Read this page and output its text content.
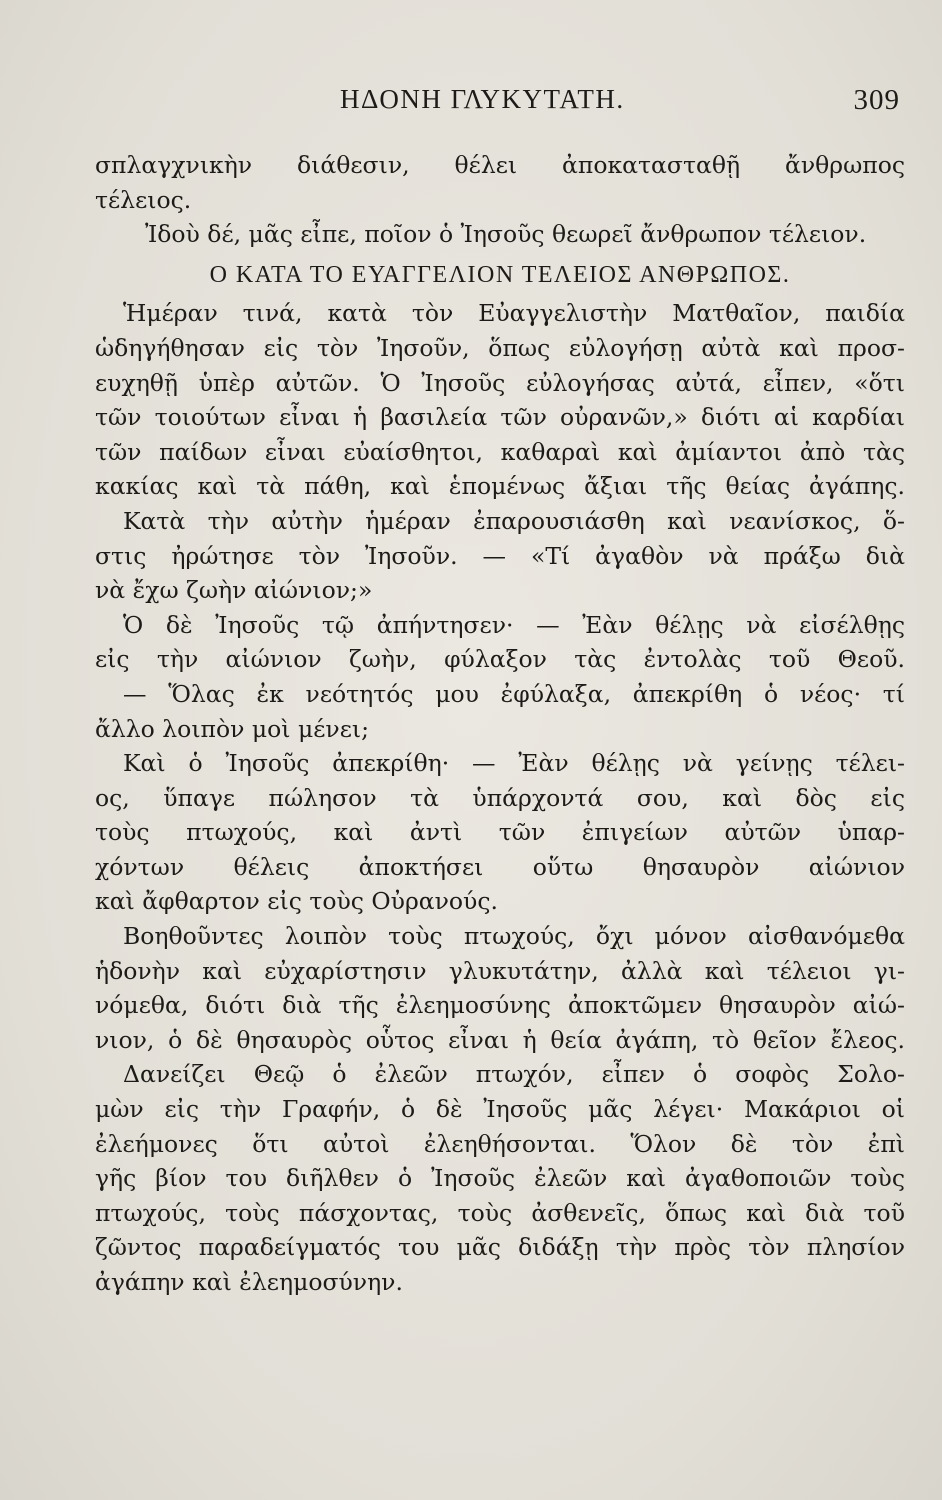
ΗΔΟΝΗ ΓΛΥΚΥΤΑΤΗ.	309
σπλαγχνικὴν διάθεσιν, θέλει ἀποκατασταθῇ ἄνθρωπος
τέλειος.
Ἰδοὺ δέ, μᾶς εἶπε, ποῖον ὁ Ἰησοῦς θεωρεῖ ἄνθρωπον τέλειον.
Ο ΚΑΤΑ ΤΟ ΕΥΑΓΓΕΛΙΟΝ ΤΕΛΕΙΟΣ ΑΝΘΡΩΠΟΣ.
Ἡμέραν τινά, κατὰ τὸν Εὐαγγελιστὴν Ματθαῖον, παιδία
ὡδηγήθησαν εἰς τὸν Ἰησοῦν, ὅπως εὐλογήσῃ αὐτὰ καὶ προσ-
ευχηθῇ ὑπὲρ αὐτῶν. Ὁ Ἰησοῦς εὐλογήσας αὐτά, εἶπεν, «ὅτι
τῶν τοιούτων εἶναι ἡ βασιλεία τῶν οὐρανῶν,» διότι αἱ καρδίαι
τῶν παίδων εἶναι εὐαίσθητοι, καθαραὶ καὶ ἀμίαντοι ἀπὸ τὰς
κακίας καὶ τὰ πάθη, καὶ ἑπομένως ἄξιαι τῆς θείας ἀγάπης.
Κατὰ τὴν αὐτὴν ἡμέραν ἐπαρουσιάσθη καὶ νεανίσκος, ὅ-
στις ἠρώτησε τὸν Ἰησοῦν. — «Τί ἀγαθὸν νὰ πράξω διὰ
νὰ ἔχω ζωὴν αἰώνιον;»
Ὁ δὲ Ἰησοῦς τῷ ἀπήντησεν· — Ἐὰν θέλῃς νὰ εἰσέλθῃς
εἰς τὴν αἰώνιον ζωὴν, φύλαξον τὰς ἐντολὰς τοῦ Θεοῦ.
— Ὅλας ἐκ νεότητός μου ἐφύλαξα, ἀπεκρίθη ὁ νέος· τί
ἄλλο λοιπὸν μοὶ μένει;
Καὶ ὁ Ἰησοῦς ἀπεκρίθη· — Ἐὰν θέλῃς νὰ γείνῃς τέλει-
ος, ὕπαγε πώλησον τὰ ὑπάρχοντά σου, καὶ δὸς εἰς
τοὺς πτωχούς, καὶ ἀντὶ τῶν ἐπιγείων αὐτῶν ὑπαρ-
χόντων θέλεις ἀποκτήσει οὕτω θησαυρὸν αἰώνιον
καὶ ἄφθαρτον εἰς τοὺς Οὐρανούς.
Βοηθοῦντες λοιπὸν τοὺς πτωχούς, ὄχι μόνον αἰσθανόμεθα
ἡδονὴν καὶ εὐχαρίστησιν γλυκυτάτην, ἀλλὰ καὶ τέλειοι γι-
νόμεθα, διότι διὰ τῆς ἐλεημοσύνης ἀποκτῶμεν θησαυρὸν αἰώ-
νιον, ὁ δὲ θησαυρὸς οὗτος εἶναι ἡ θεία ἀγάπη, τὸ θεῖον ἔλεος.
Δανείζει Θεῷ ὁ ἐλεῶν πτωχόν, εἶπεν ὁ σοφὸς Σολο-
μὼν εἰς τὴν Γραφήν, ὁ δὲ Ἰησοῦς μᾶς λέγει· Μακάριοι οἱ
ἐλεήμονες ὅτι αὐτοὶ ἐλεηθήσονται. Ὅλον δὲ τὸν ἐπὶ
γῆς βίον του διῆλθεν ὁ Ἰησοῦς ἐλεῶν καὶ ἀγαθοποιῶν τοὺς
πτωχούς, τοὺς πάσχοντας, τοὺς ἀσθενεῖς, ὅπως καὶ διὰ τοῦ
ζῶντος παραδείγματός του μᾶς διδάξῃ τὴν πρὸς τὸν πλησίον
ἀγάπην καὶ ἐλεημοσύνην.
